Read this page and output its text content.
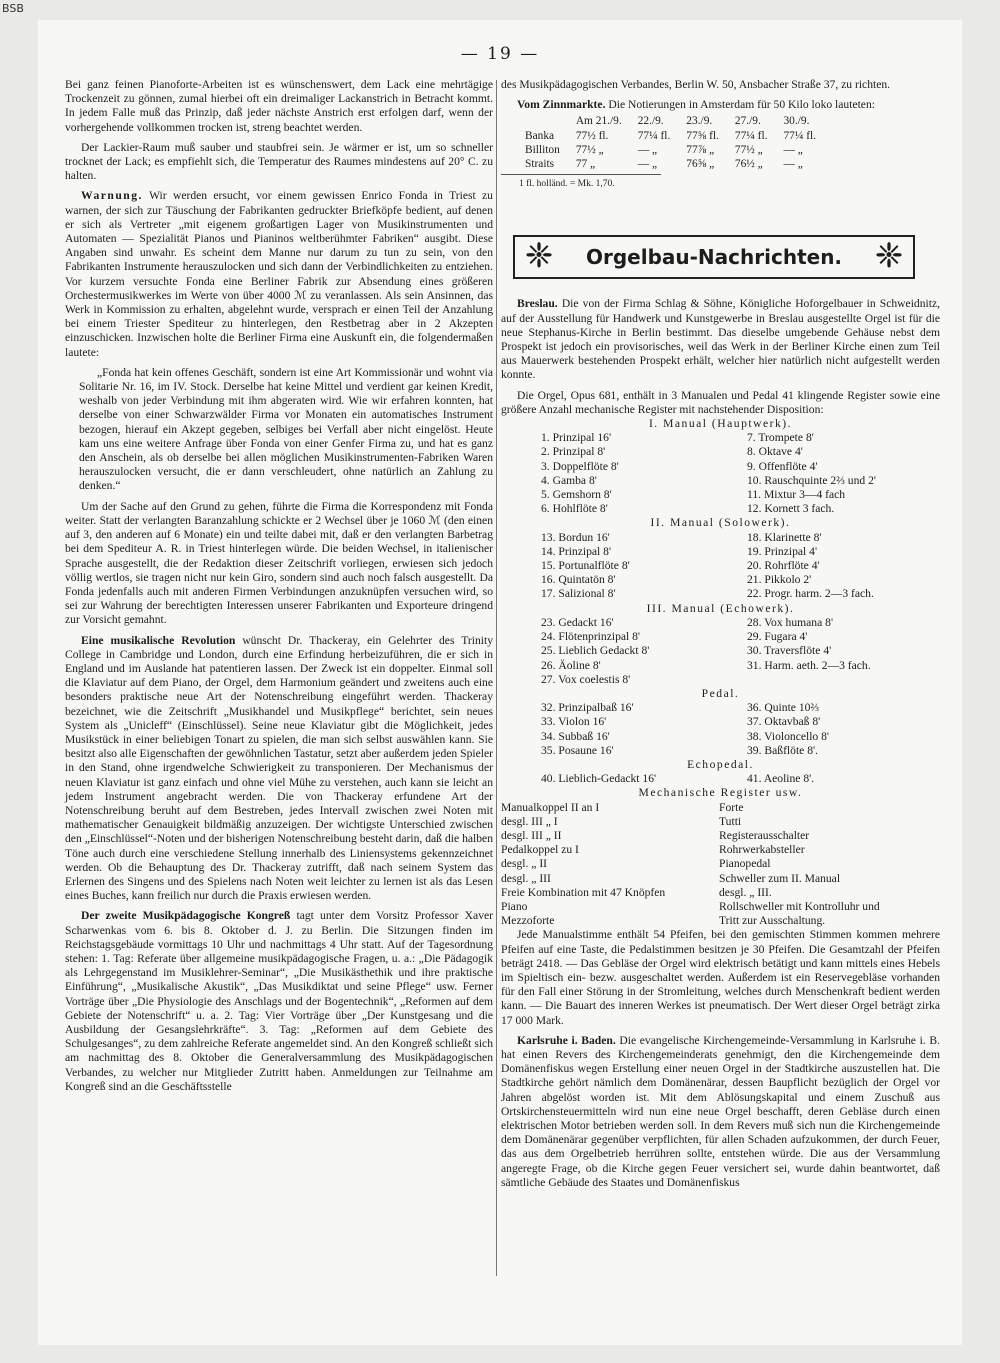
BSB
— 19 —

Bei ganz feinen Pianoforte-Arbeiten ist es wünschenswert, dem Lack eine mehrtägige Trockenzeit zu gönnen, zumal hierbei oft ein dreimaliger Lackanstrich in Betracht kommt. In jedem Falle muß das Prinzip, daß jeder nächste Anstrich erst erfolgen darf, wenn der vorhergehende vollkommen trocken ist, streng beachtet werden.

Der Lackier-Raum muß sauber und staubfrei sein. Je wärmer er ist, um so schneller trocknet der Lack; es empfiehlt sich, die Temperatur des Raumes mindestens auf 20° C. zu halten.

Warnung. Wir werden ersucht, vor einem gewissen Enrico Fonda in Triest zu warnen, der sich zur Täuschung der Fabrikanten gedruckter Briefköpfe bedient, auf denen er sich als Vertreter „mit eigenem großartigen Lager von Musikinstrumenten und Automaten — Spezialität Pianos und Pianinos weltberühmter Fabriken“ ausgibt. Diese Angaben sind unwahr. Es scheint dem Manne nur darum zu tun zu sein, von den Fabrikanten Instrumente herauszulocken und sich dann der Verbindlichkeiten zu entziehen. Vor kurzem versuchte Fonda eine Berliner Fabrik zur Absendung eines größeren Orchestermusikwerkes im Werte von über 4000 ℳ zu veranlassen. Als sein Ansinnen, das Werk in Kommission zu erhalten, abgelehnt wurde, versprach er einen Teil der Anzahlung bei einem Triester Spediteur zu hinterlegen, den Restbetrag aber in 2 Akzepten einzuschicken. Inzwischen holte die Berliner Firma eine Auskunft ein, die folgendermaßen lautete:

„Fonda hat kein offenes Geschäft, sondern ist eine Art Kommissionär und wohnt via Solitarie Nr. 16, im IV. Stock. Derselbe hat keine Mittel und verdient gar keinen Kredit, weshalb von jeder Verbindung mit ihm abgeraten wird. Wie wir erfahren konnten, hat derselbe von einer Schwarzwälder Firma vor Monaten ein automatisches Instrument bezogen, hierauf ein Akzept gegeben, selbiges bei Verfall aber nicht eingelöst. Heute kam uns eine weitere Anfrage über Fonda von einer Genfer Firma zu, und hat es ganz den Anschein, als ob derselbe bei allen möglichen Musikinstrumenten-Fabriken Waren herauszulocken versucht, die er dann verschleudert, ohne natürlich an Zahlung zu denken.“

Um der Sache auf den Grund zu gehen, führte die Firma die Korrespondenz mit Fonda weiter. Statt der verlangten Baranzahlung schickte er 2 Wechsel über je 1060 ℳ (den einen auf 3, den anderen auf 6 Monate) ein und teilte dabei mit, daß er den verlangten Barbetrag bei dem Spediteur A. R. in Triest hinterlegen würde. Die beiden Wechsel, in italienischer Sprache ausgestellt, die der Redaktion dieser Zeitschrift vorliegen, erwiesen sich jedoch völlig wertlos, sie tragen nicht nur kein Giro, sondern sind auch noch falsch ausgestellt. Da Fonda jedenfalls auch mit anderen Firmen Verbindungen anzuknüpfen versuchen wird, so sei zur Wahrung der berechtigten Interessen unserer Fabrikanten und Exporteure dringend zur Vorsicht gemahnt.

Eine musikalische Revolution wünscht Dr. Thackeray, ein Gelehrter des Trinity College in Cambridge und London, durch eine Erfindung herbeizuführen, die er sich in England und im Auslande hat patentieren lassen. Der Zweck ist ein doppelter. Einmal soll die Klaviatur auf dem Piano, der Orgel, dem Harmonium geändert und zweitens auch eine besonders praktische neue Art der Notenschreibung eingeführt werden. Thackeray bezeichnet, wie die Zeitschrift „Musikhandel und Musikpflege“ berichtet, sein neues System als „Unicleff“ (Einschlüssel). Seine neue Klaviatur gibt die Möglichkeit, jedes Musikstück in einer beliebigen Tonart zu spielen, die man sich selbst auswählen kann. Sie besitzt also alle Eigenschaften der gewöhnlichen Tastatur, setzt aber außerdem jeden Spieler in den Stand, ohne irgendwelche Schwierigkeit zu transponieren. Der Mechanismus der neuen Klaviatur ist ganz einfach und ohne viel Mühe zu verstehen, auch kann sie leicht an jedem Instrument angebracht werden. Die von Thackeray erfundene Art der Notenschreibung beruht auf dem Bestreben, jedes Intervall zwischen zwei Noten mit mathematischer Genauigkeit bildmäßig anzuzeigen. Der wichtigste Unterschied zwischen den „Einschlüssel“-Noten und der bisherigen Notenschreibung besteht darin, daß die halben Töne auch durch eine verschiedene Stellung innerhalb des Liniensystems gekennzeichnet werden. Ob die Behauptung des Dr. Thackeray zutrifft, daß nach seinem System das Erlernen des Singens und des Spielens nach Noten weit leichter zu lernen ist als das Lesen eines Buches, kann freilich nur durch die Praxis erwiesen werden.

Der zweite Musikpädagogische Kongreß tagt unter dem Vorsitz Professor Xaver Scharwenkas vom 6. bis 8. Oktober d. J. zu Berlin. Die Sitzungen finden im Reichstagsgebäude vormittags 10 Uhr und nachmittags 4 Uhr statt. Auf der Tagesordnung stehen: 1. Tag: Referate über allgemeine musikpädagogische Fragen, u. a.: „Die Pädagogik als Lehrgegenstand im Musiklehrer-Seminar“, „Die Musikästhethik und ihre praktische Einführung“, „Musikalische Akustik“, „Das Musikdiktat und seine Pflege“ usw. Ferner Vorträge über „Die Physiologie des Anschlags und der Bogentechnik“, „Reformen auf dem Gebiete der Notenschrift“ u. a. 2. Tag: Vier Vorträge über „Der Kunstgesang und die Ausbildung der Gesangslehrkräfte“. 3. Tag: „Reformen auf dem Gebiete des Schulgesanges“, zu dem zahlreiche Referate angemeldet sind. An den Kongreß schließt sich am nachmittag des 8. Oktober die Generalversammlung des Musikpädagogischen Verbandes, zu welcher nur Mitglieder Zutritt haben. Anmeldungen zur Teilnahme am Kongreß sind an die Geschäftsstelle

des Musikpädagogischen Verbandes, Berlin W. 50, Ansbacher Straße 37, zu richten.

Vom Zinnmarkte. Die Notierungen in Amsterdam für 50 Kilo loko lauteten:

	Am 21./9.	22./9.	23./9.	27./9.	30./9.
Banka	77½ fl.	77¼ fl.	77⅝ fl.	77¼ fl.	77¼ fl.
Billiton	77½ „	— „	77⅞ „	77½ „	— „
Straits	77 „	— „	76⅝ „	76½ „	— „
1 fl. holländ. = Mk. 1,70.
❈	Orgelbau-Nachrichten. ❈

Breslau. Die von der Firma Schlag & Söhne, Königliche Hoforgelbauer in Schweidnitz, auf der Ausstellung für Handwerk und Kunstgewerbe in Breslau ausgestellte Orgel ist für die neue Stephanus-Kirche in Berlin bestimmt. Das dieselbe umgebende Gehäuse nebst dem Prospekt ist jedoch ein provisorisches, weil das Werk in der Berliner Kirche einen zum Teil aus Mauerwerk bestehenden Prospekt erhält, welcher hier natürlich nicht aufgestellt werden konnte.

Die Orgel, Opus 681, enthält in 3 Manualen und Pedal 41 klingende Register sowie eine größere Anzahl mechanische Register mit nachstehender Disposition:

I. Manual (Hauptwerk).
1. Prinzipal 16'	7. Trompete 8'
2. Prinzipal 8'	8. Oktave 4'
3. Doppelflöte 8'	9. Offenflöte 4'
4. Gamba 8'	10. Rauschquinte 2⅔ und 2'
5. Gemshorn 8'	11. Mixtur 3—4 fach
6. Hohlflöte 8'	12. Kornett 3 fach.
II. Manual (Solowerk).
13. Bordun 16'	18. Klarinette 8'
14. Prinzipal 8'	19. Prinzipal 4'
15. Portunalflöte 8'	20. Rohrflöte 4'
16. Quintatön 8'	21. Pikkolo 2'
17. Salizional 8'	22. Progr. harm. 2—3 fach.
III. Manual (Echowerk).
23. Gedackt 16'	28. Vox humana 8'
24. Flötenprinzipal 8'	29. Fugara 4'
25. Lieblich Gedackt 8'	30. Traversflöte 4'
26. Äoline 8'	31. Harm. aeth. 2—3 fach.
27. Vox coelestis 8'
Pedal.
32. Prinzipalbaß 16'	36. Quinte 10⅔
33. Violon 16'	37. Oktavbaß 8'
34. Subbaß 16'	38. Violoncello 8'
35. Posaune 16'	39. Baßflöte 8'.
Echopedal.
40. Lieblich-Gedackt 16'	41. Aeoline 8'.
Mechanische Register usw.
Manualkoppel II an I	Forte
desgl. III „ I	Tutti
desgl. III „ II	Registerausschalter
Pedalkoppel zu I	Rohrwerkabsteller
desgl. „ II	Pianopedal
desgl. „ III	Schweller zum II. Manual
Freie Kombination mit 47 Knöpfen	desgl. „ III.
Piano	Rollschweller mit Kontrolluhr und
Mezzoforte	Tritt zur Ausschaltung.

Jede Manualstimme enthält 54 Pfeifen, bei den gemischten Stimmen kommen mehrere Pfeifen auf eine Taste, die Pedalstimmen besitzen je 30 Pfeifen. Die Gesamtzahl der Pfeifen beträgt 2418. — Das Gebläse der Orgel wird elektrisch betätigt und kann mittels eines Hebels im Spieltisch ein- bezw. ausgeschaltet werden. Außerdem ist ein Reservegebläse vorhanden für den Fall einer Störung in der Stromleitung, welches durch Menschenkraft bedient werden kann. — Die Bauart des inneren Werkes ist pneumatisch. Der Wert dieser Orgel beträgt zirka 17 000 Mark.

Karlsruhe i. Baden. Die evangelische Kirchengemeinde-Versammlung in Karlsruhe i. B. hat einen Revers des Kirchengemeinderats genehmigt, den die Kirchengemeinde dem Domänenfiskus wegen Erstellung einer neuen Orgel in der Stadtkirche auszustellen hat. Die Stadtkirche gehört nämlich dem Domänenärar, dessen Baupflicht bezüglich der Orgel vor Jahren abgelöst worden ist. Mit dem Ablösungskapital und einem Zuschuß aus Ortskirchensteuermitteln wird nun eine neue Orgel beschafft, deren Gebläse durch einen elektrischen Motor betrieben werden soll. In dem Revers muß sich nun die Kirchengemeinde dem Domänenärar gegenüber verpflichten, für allen Schaden aufzukommen, der durch Feuer, das aus dem Orgelbetrieb herrühren sollte, entstehen würde. Die aus der Versammlung angeregte Frage, ob die Kirche gegen Feuer versichert sei, wurde dahin beantwortet, daß sämtliche Gebäude des Staates und Domänenfiskus
